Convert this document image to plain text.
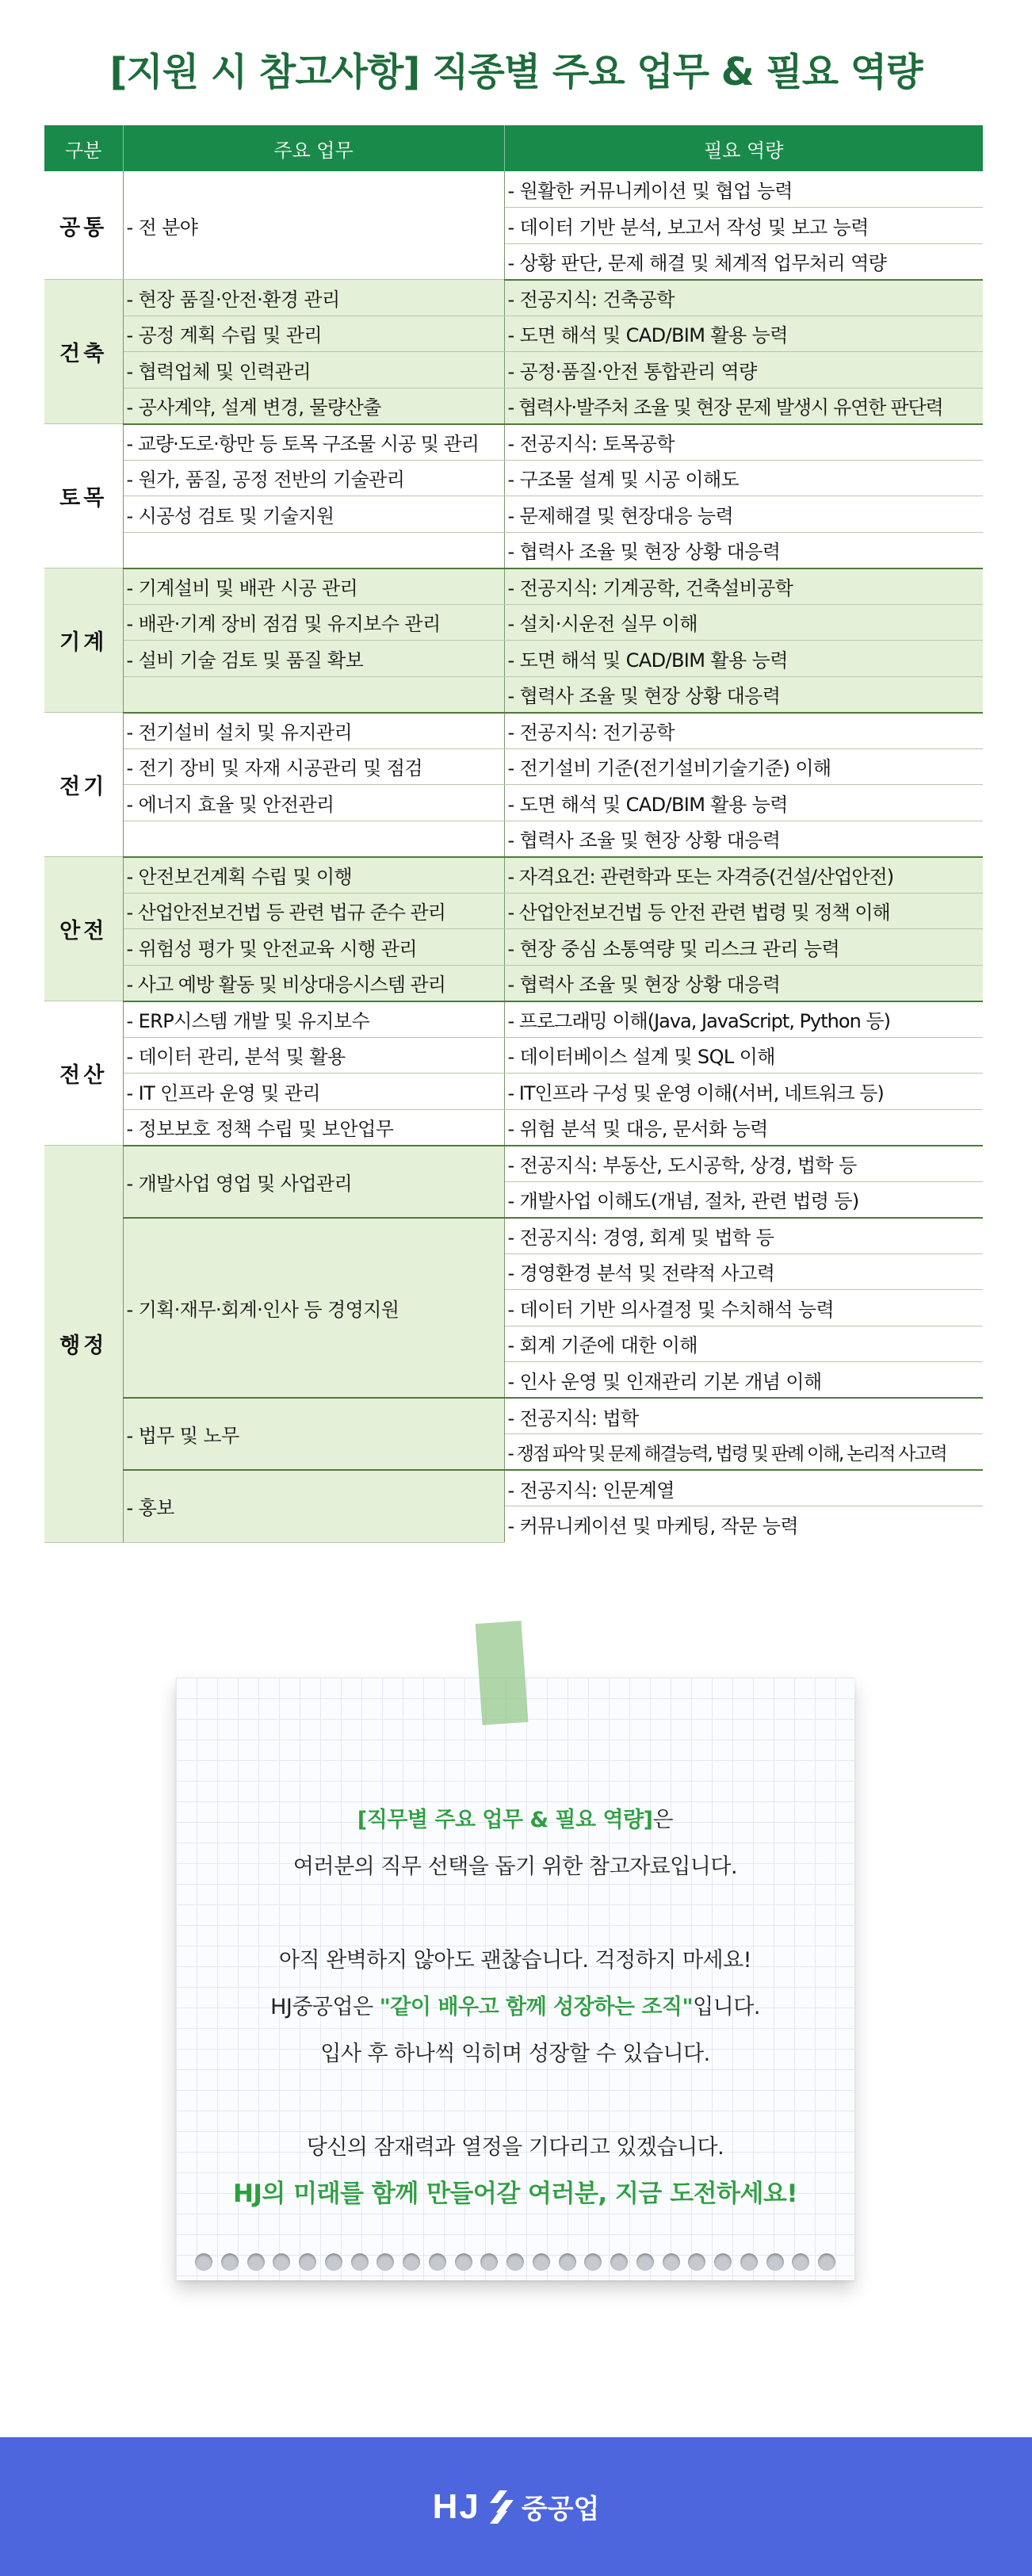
[지원 시 참고사항] 직종별 주요 업무 & 필요 역량
구분	주요 업무	필요 역량
공통	- 전 분야	- 원활한 커뮤니케이션 및 협업 능력
		- 데이터 기반 분석, 보고서 작성 및 보고 능력
		- 상황 판단, 문제 해결 및 체계적 업무처리 역량
건축	- 현장 품질·안전·환경 관리	- 전공지식: 건축공학
	- 공정 계획 수립 및 관리	- 도면 해석 및 CAD/BIM 활용 능력
	- 협력업체 및 인력관리	- 공정·품질·안전 통합관리 역량
	- 공사계약, 설계 변경, 물량산출	- 협력사·발주처 조율 및 현장 문제 발생시 유연한 판단력
토목	- 교량·도로·항만 등 토목 구조물 시공 및 관리	- 전공지식: 토목공학
	- 원가, 품질, 공정 전반의 기술관리	- 구조물 설계 및 시공 이해도
	- 시공성 검토 및 기술지원	- 문제해결 및 현장대응 능력
		- 협력사 조율 및 현장 상황 대응력
기계	- 기계설비 및 배관 시공 관리	- 전공지식: 기계공학, 건축설비공학
	- 배관·기계 장비 점검 및 유지보수 관리	- 설치·시운전 실무 이해
	- 설비 기술 검토 및 품질 확보	- 도면 해석 및 CAD/BIM 활용 능력
		- 협력사 조율 및 현장 상황 대응력
전기	- 전기설비 설치 및 유지관리	- 전공지식: 전기공학
	- 전기 장비 및 자재 시공관리 및 점검	- 전기설비 기준(전기설비기술기준) 이해
	- 에너지 효율 및 안전관리	- 도면 해석 및 CAD/BIM 활용 능력
		- 협력사 조율 및 현장 상황 대응력
안전	- 안전보건계획 수립 및 이행	- 자격요건: 관련학과 또는 자격증(건설/산업안전)
	- 산업안전보건법 등 관련 법규 준수 관리	- 산업안전보건법 등 안전 관련 법령 및 정책 이해
	- 위험성 평가 및 안전교육 시행 관리	- 현장 중심 소통역량 및 리스크 관리 능력
	- 사고 예방 활동 및 비상대응시스템 관리	- 협력사 조율 및 현장 상황 대응력
전산	- ERP시스템 개발 및 유지보수	- 프로그래밍 이해(Java, JavaScript, Python 등)
	- 데이터 관리, 분석 및 활용	- 데이터베이스 설계 및 SQL 이해
	- IT 인프라 운영 및 관리	- IT인프라 구성 및 운영 이해(서버, 네트워크 등)
	- 정보보호 정책 수립 및 보안업무	- 위험 분석 및 대응, 문서화 능력
행정	- 개발사업 영업 및 사업관리	- 전공지식: 부동산, 도시공학, 상경, 법학 등
		- 개발사업 이해도(개념, 절차, 관련 법령 등)
	- 기획·재무·회계·인사 등 경영지원	- 전공지식: 경영, 회계 및 법학 등
		- 경영환경 분석 및 전략적 사고력
		- 데이터 기반 의사결정 및 수치해석 능력
		- 회계 기준에 대한 이해
		- 인사 운영 및 인재관리 기본 개념 이해
	- 법무 및 노무	- 전공지식: 법학
		- 쟁점 파악 및 문제 해결능력, 법령 및 판례 이해, 논리적 사고력
	- 홍보	- 전공지식: 인문계열
		- 커뮤니케이션 및 마케팅, 작문 능력
[직무별 주요 업무 & 필요 역량]은
여러분의 직무 선택을 돕기 위한 참고자료입니다.
아직 완벽하지 않아도 괜찮습니다. 걱정하지 마세요!
HJ중공업은 "같이 배우고 함께 성장하는 조직"입니다.
입사 후 하나씩 익히며 성장할 수 있습니다.
당신의 잠재력과 열정을 기다리고 있겠습니다.
HJ의 미래를 함께 만들어갈 여러분, 지금 도전하세요!
HJ 중공업
